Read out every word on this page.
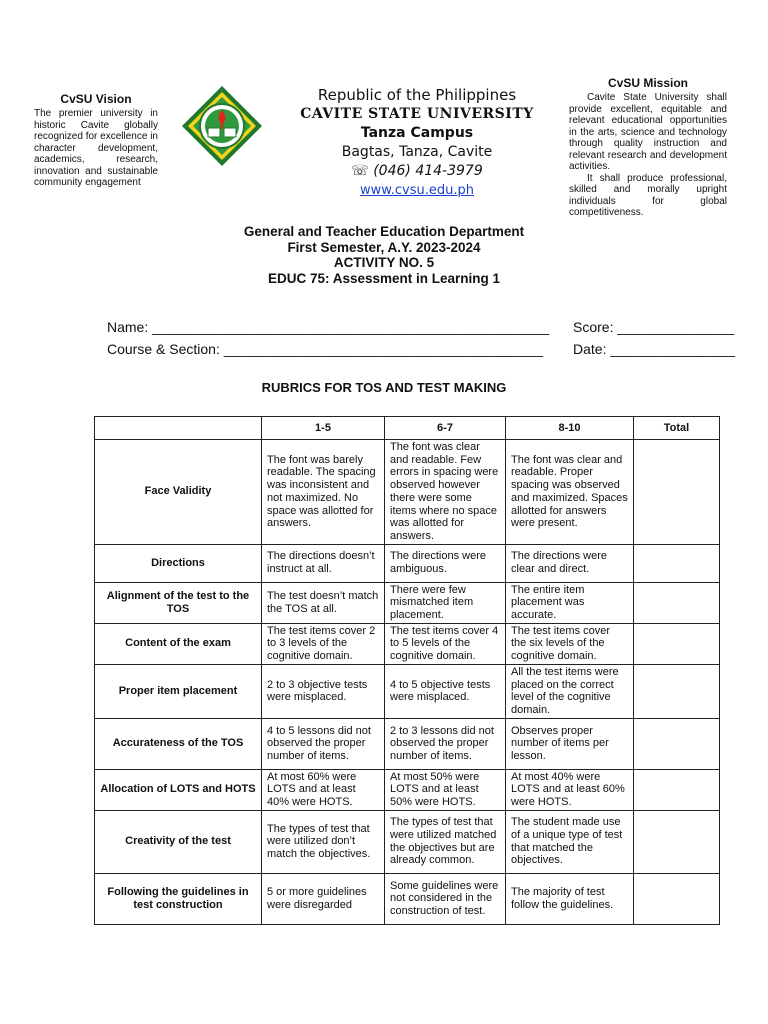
CvSU Vision
The premier university in historic Cavite globally recognized for excellence in character development, academics, research, innovation and sustainable community engagement
Republic of the Philippines
CAVITE STATE UNIVERSITY
Tanza Campus
Bagtas, Tanza, Cavite
☏ (046) 414-3979
www.cvsu.edu.ph
CvSU Mission

Cavite State University shall provide excellent, equitable and relevant educational opportunities in the arts, science and technology through quality instruction and relevant research and development activities.

It shall produce professional, skilled and morally upright individuals for global competitiveness.

General and Teacher Education Department
First Semester, A.Y. 2023-2024
ACTIVITY NO. 5
EDUC 75: Assessment in Learning 1
Name: ___________________________________________________ Score: _______________
Course & Section: _________________________________________ Date: ________________
RUBRICS FOR TOS AND TEST MAKING
	1-5	6-7	8-10	Total
Face Validity	The font was barely readable. The spacing was inconsistent and not maximized. No space was allotted for answers.	The font was clear and readable. Few errors in spacing were observed however there were some items where no space was allotted for answers.	The font was clear and readable. Proper spacing was observed and maximized. Spaces allotted for answers were present.	
Directions	The directions doesn’t instruct at all.	The directions were ambiguous.	The directions were clear and direct.	
Alignment of the test to the TOS	The test doesn’t match the TOS at all.	There were few mismatched item placement.	The entire item placement was accurate.	
Content of the exam	The test items cover 2 to 3 levels of the cognitive domain.	The test items cover 4 to 5 levels of the cognitive domain.	The test items cover the six levels of the cognitive domain.	
Proper item placement	2 to 3 objective tests were misplaced.	4 to 5 objective tests were misplaced.	All the test items were placed on the correct level of the cognitive domain.	
Accurateness of the TOS	4 to 5 lessons did not observed the proper number of items.	2 to 3 lessons did not observed the proper number of items.	Observes proper number of items per lesson.	
Allocation of LOTS and HOTS	At most 60% were LOTS and at least 40% were HOTS.	At most 50% were LOTS and at least 50% were HOTS.	At most 40% were LOTS and at least 60% were HOTS.	
Creativity of the test	The types of test that were utilized don’t match the objectives.	The types of test that were utilized matched the objectives but are already common.	The student made use of a unique type of test that matched the objectives.	
Following the guidelines in test construction	5 or more guidelines were disregarded	Some guidelines were not considered in the construction of test.	The majority of test follow the guidelines.	
